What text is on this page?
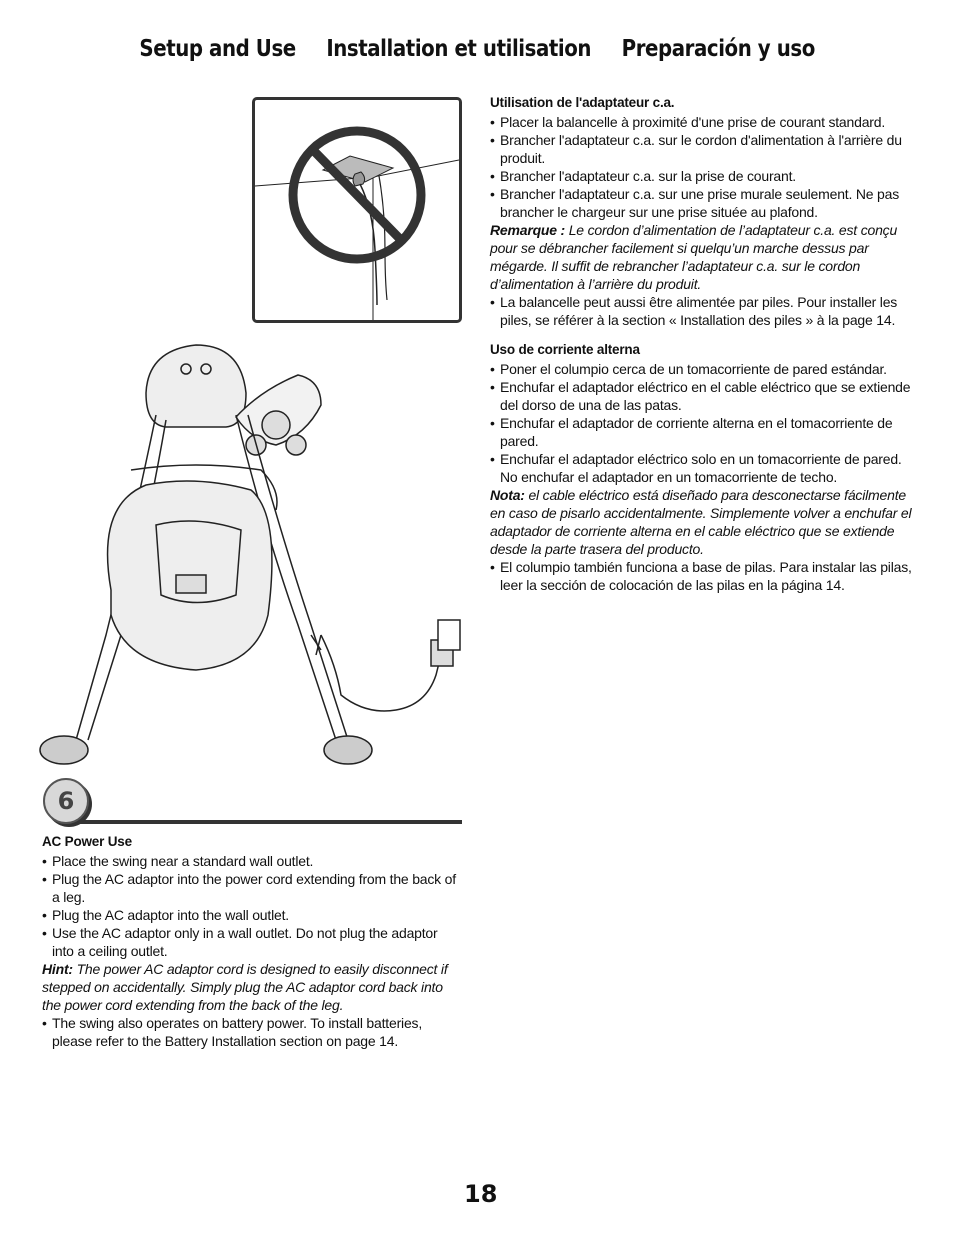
Setup and Use Installation et utilisation Preparación y uso
6

AC Power Use

• Place the swing near a standard wall outlet.
• Plug the AC adaptor into the power cord extending from the back of a leg.
• Plug the AC adaptor into the wall outlet.
• Use the AC adaptor only in a wall outlet. Do not plug the adaptor into a ceiling outlet.

Hint: The power AC adaptor cord is designed to easily disconnect if stepped on accidentally. Simply plug the AC adaptor cord back into the power cord extending from the back of the leg.

• The swing also operates on battery power. To install batteries, please refer to the Battery Installation section on page 14.

Utilisation de l'adaptateur c.a.

• Placer la balancelle à proximité d'une prise de courant standard.
• Brancher l'adaptateur c.a. sur le cordon d'alimentation à l'arrière du produit.
• Brancher l'adaptateur c.a. sur la prise de courant.
• Brancher l'adaptateur c.a. sur une prise murale seulement. Ne pas brancher le chargeur sur une prise située au plafond.

Remarque : Le cordon d’alimentation de l’adaptateur c.a. est conçu pour se débrancher facilement si quelqu’un marche dessus par mégarde. Il suffit de rebrancher l’adaptateur c.a. sur le cordon d’alimentation à l’arrière du produit.

• La balancelle peut aussi être alimentée par piles. Pour installer les piles, se référer à la section « Installation des piles » à la page 14.

Uso de corriente alterna

• Poner el columpio cerca de un tomacorriente de pared estándar.
• Enchufar el adaptador eléctrico en el cable eléctrico que se extiende del dorso de una de las patas.
• Enchufar el adaptador de corriente alterna en el tomacorriente de pared.
• Enchufar el adaptador eléctrico solo en un tomacorriente de pared. No enchufar el adaptador en un tomacorriente de techo.

Nota: el cable eléctrico está diseñado para desconectarse fácilmente en caso de pisarlo accidentalmente. Simplemente volver a enchufar el adaptador de corriente alterna en el cable eléctrico que se extiende desde la parte trasera del producto.

• El columpio también funciona a base de pilas. Para instalar las pilas, leer la sección de colocación de las pilas en la página 14.
18
